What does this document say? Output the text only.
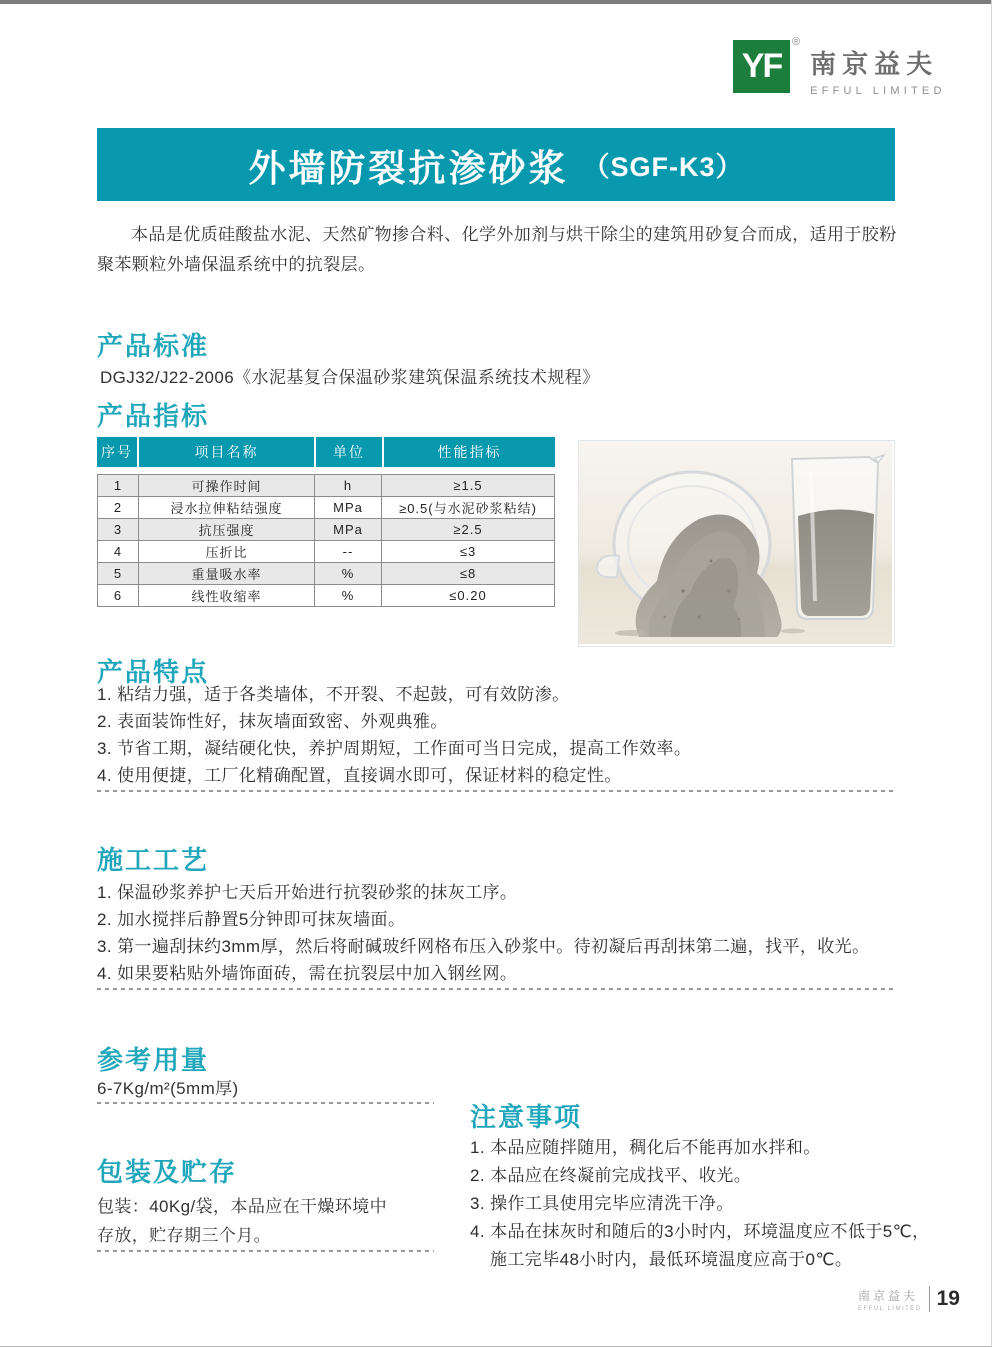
YF
®
南京益夫
EFFUL LIMITED
外墙防裂抗渗砂浆 （SGF-K3）
本品是优质硅酸盐水泥、天然矿物掺合料、化学外加剂与烘干除尘的建筑用砂复合而成，适用于胶粉聚苯颗粒外墙保温系统中的抗裂层。
产品标准
DGJ32/J22-2006《水泥基复合保温砂浆建筑保温系统技术规程》
产品指标
序号	项目名称	单位	性能指标
1	可操作时间	h	≥1.5
2	浸水拉伸粘结强度	MPa	≥0.5(与水泥砂浆粘结)
3	抗压强度	MPa	≥2.5
4	压折比	--	≤3
5	重量吸水率	%	≤8
6	线性收缩率	%	≤0.20
产品特点
1. 粘结力强，适于各类墙体，不开裂、不起鼓，可有效防渗。
2. 表面装饰性好，抹灰墙面致密、外观典雅。
3. 节省工期，凝结硬化快，养护周期短，工作面可当日完成，提高工作效率。
4. 使用便捷，工厂化精确配置，直接调水即可，保证材料的稳定性。
施工工艺
1. 保温砂浆养护七天后开始进行抗裂砂浆的抹灰工序。
2. 加水搅拌后静置5分钟即可抹灰墙面。
3. 第一遍刮抹约3mm厚，然后将耐碱玻纤网格布压入砂浆中。待初凝后再刮抹第二遍，找平，收光。
4. 如果要粘贴外墙饰面砖，需在抗裂层中加入钢丝网。
参考用量
6-7Kg/m²(5mm厚)
包装及贮存
包装：40Kg/袋，本品应在干燥环境中
存放，贮存期三个月。
注意事项
1. 本品应随拌随用，稠化后不能再加水拌和。
2. 本品应在终凝前完成找平、收光。
3. 操作工具使用完毕应清洗干净。
4. 本品在抹灰时和随后的3小时内，环境温度应不低于5℃，
施工完毕48小时内，最低环境温度应高于0℃。
南京益夫
EFFUL LIMITED 19
